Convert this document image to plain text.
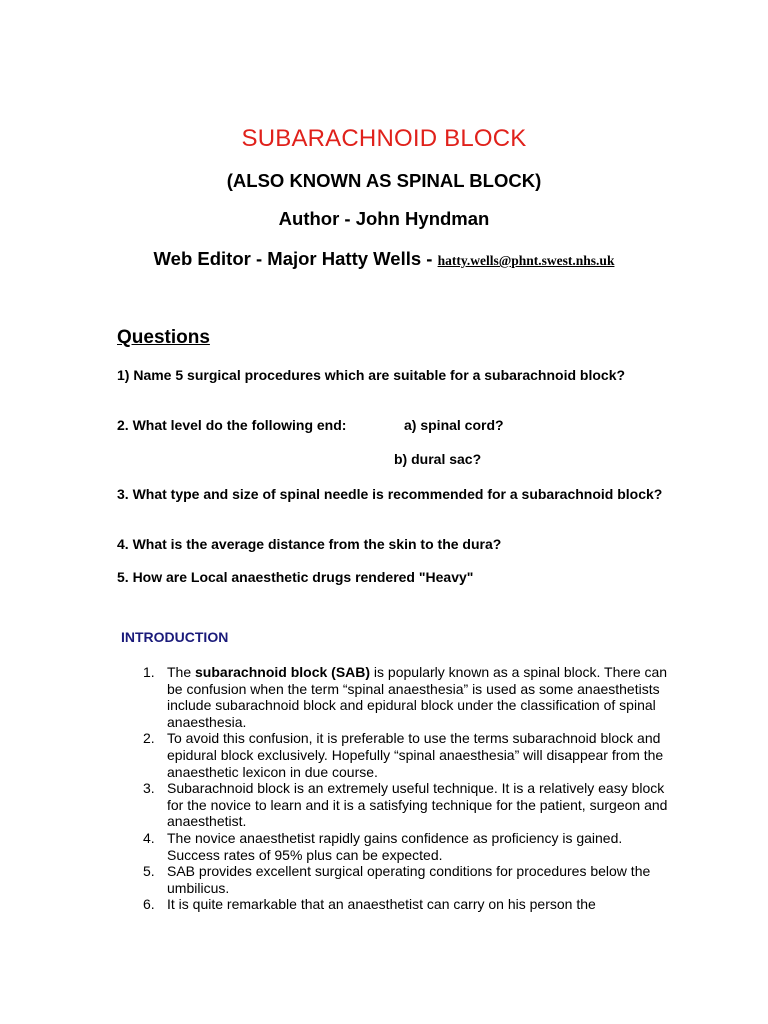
SUBARACHNOID BLOCK
(ALSO KNOWN AS SPINAL BLOCK)
Author - John Hyndman
Web Editor - Major Hatty Wells - hatty.wells@phnt.swest.nhs.uk
Questions
1) Name 5 surgical procedures which are suitable for a subarachnoid block?
2. What level do the following end:	a) spinal cord?
b) dural sac?
3. What type and size of spinal needle is recommended for a subarachnoid block?
4. What is the average distance from the skin to the dura?
5. How are Local anaesthetic drugs rendered "Heavy"
INTRODUCTION

1. The subarachnoid block (SAB) is popularly known as a spinal block. There can be confusion when the term “spinal anaesthesia” is used as some anaesthetists include subarachnoid block and epidural block under the classification of spinal anaesthesia.

2. To avoid this confusion, it is preferable to use the terms subarachnoid block and epidural block exclusively. Hopefully “spinal anaesthesia” will disappear from the anaesthetic lexicon in due course.

3. Subarachnoid block is an extremely useful technique. It is a relatively easy block for the novice to learn and it is a satisfying technique for the patient, surgeon and anaesthetist.

4. The novice anaesthetist rapidly gains confidence as proficiency is gained. Success rates of 95% plus can be expected.

5. SAB provides excellent surgical operating conditions for procedures below the umbilicus.

6. It is quite remarkable that an anaesthetist can carry on his person the
